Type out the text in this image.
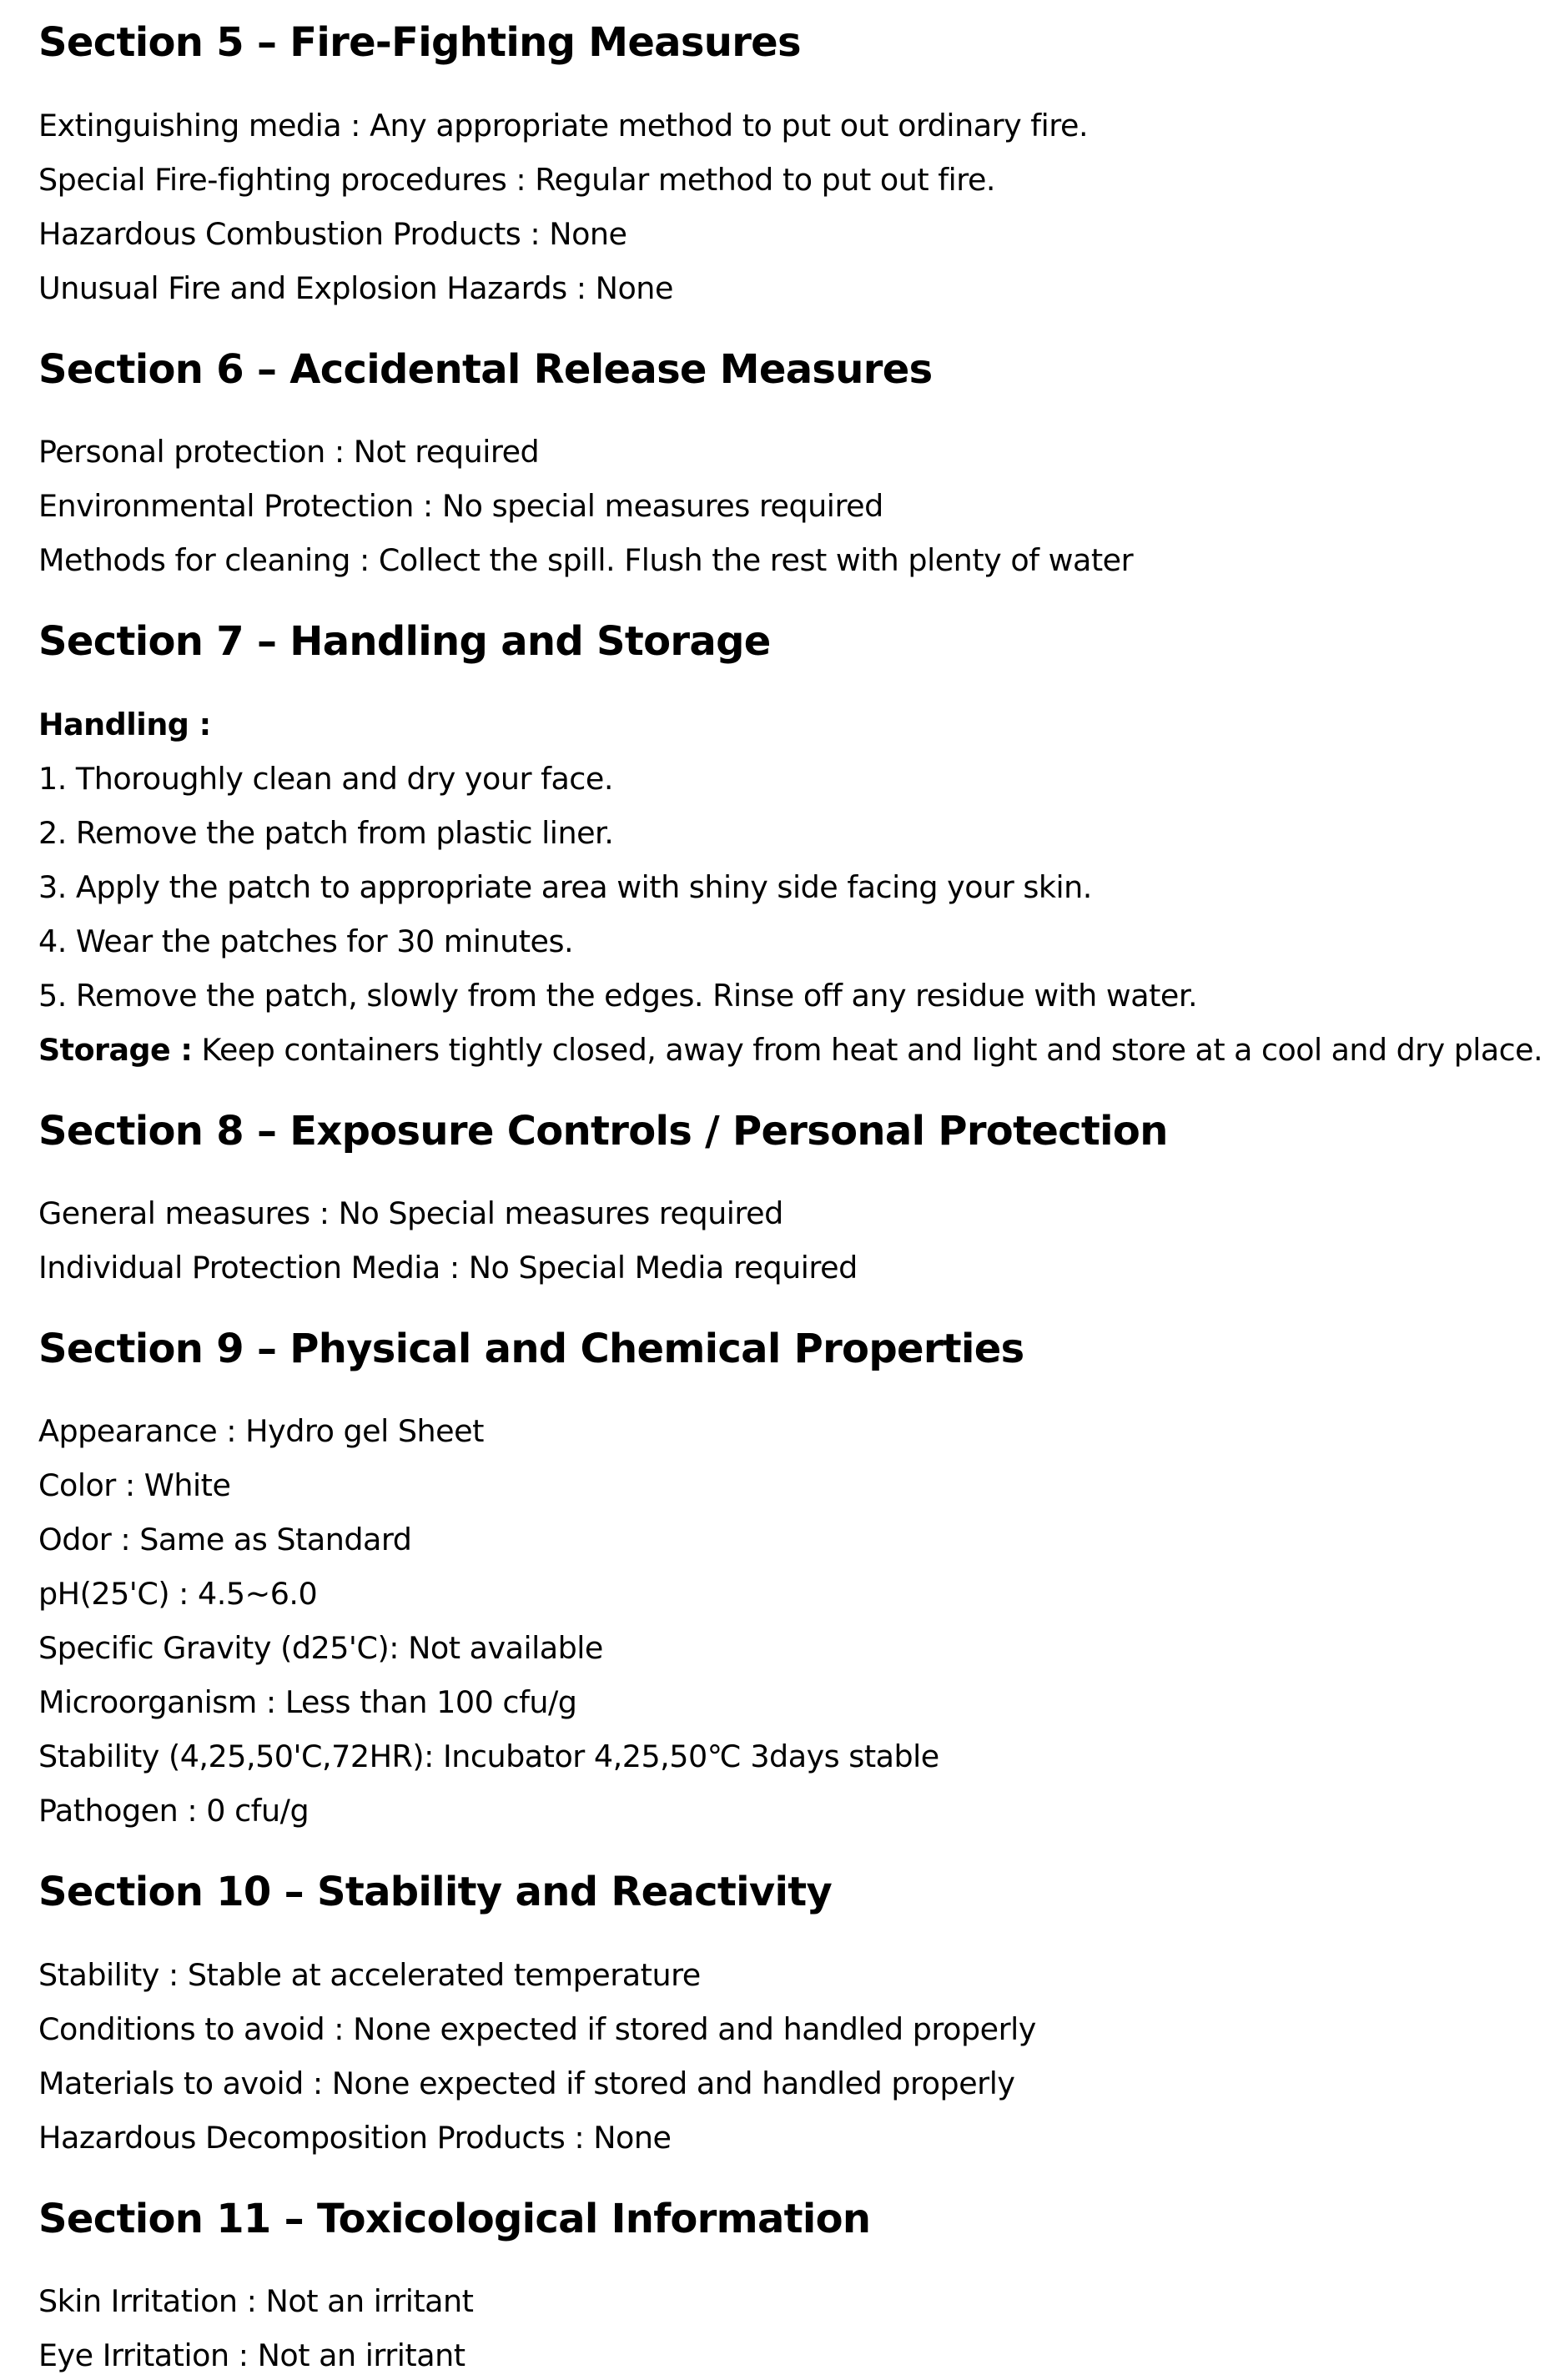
Section 5 – Fire-Fighting Measures
Extinguishing media : Any appropriate method to put out ordinary fire.
Special Fire-fighting procedures : Regular method to put out fire.
Hazardous Combustion Products : None
Unusual Fire and Explosion Hazards : None
Section 6 – Accidental Release Measures
Personal protection : Not required
Environmental Protection : No special measures required
Methods for cleaning : Collect the spill. Flush the rest with plenty of water
Section 7 – Handling and Storage
Handling :
1. Thoroughly clean and dry your face.
2. Remove the patch from plastic liner.
3. Apply the patch to appropriate area with shiny side facing your skin.
4. Wear the patches for 30 minutes.
5. Remove the patch, slowly from the edges. Rinse off any residue with water.
Storage : Keep containers tightly closed, away from heat and light and store at a cool and dry place.
Section 8 – Exposure Controls / Personal Protection
General measures : No Special measures required
Individual Protection Media : No Special Media required
Section 9 – Physical and Chemical Properties
Appearance : Hydro gel Sheet
Color : White
Odor : Same as Standard
pH(25'C) : 4.5~6.0
Specific Gravity (d25'C): Not available
Microorganism : Less than 100 cfu/g
Stability (4,25,50'C,72HR): Incubator 4,25,50℃ 3days stable
Pathogen : 0 cfu/g
Section 10 – Stability and Reactivity
Stability : Stable at accelerated temperature
Conditions to avoid : None expected if stored and handled properly
Materials to avoid : None expected if stored and handled properly
Hazardous Decomposition Products : None
Section 11 – Toxicological Information
Skin Irritation : Not an irritant
Eye Irritation : Not an irritant
